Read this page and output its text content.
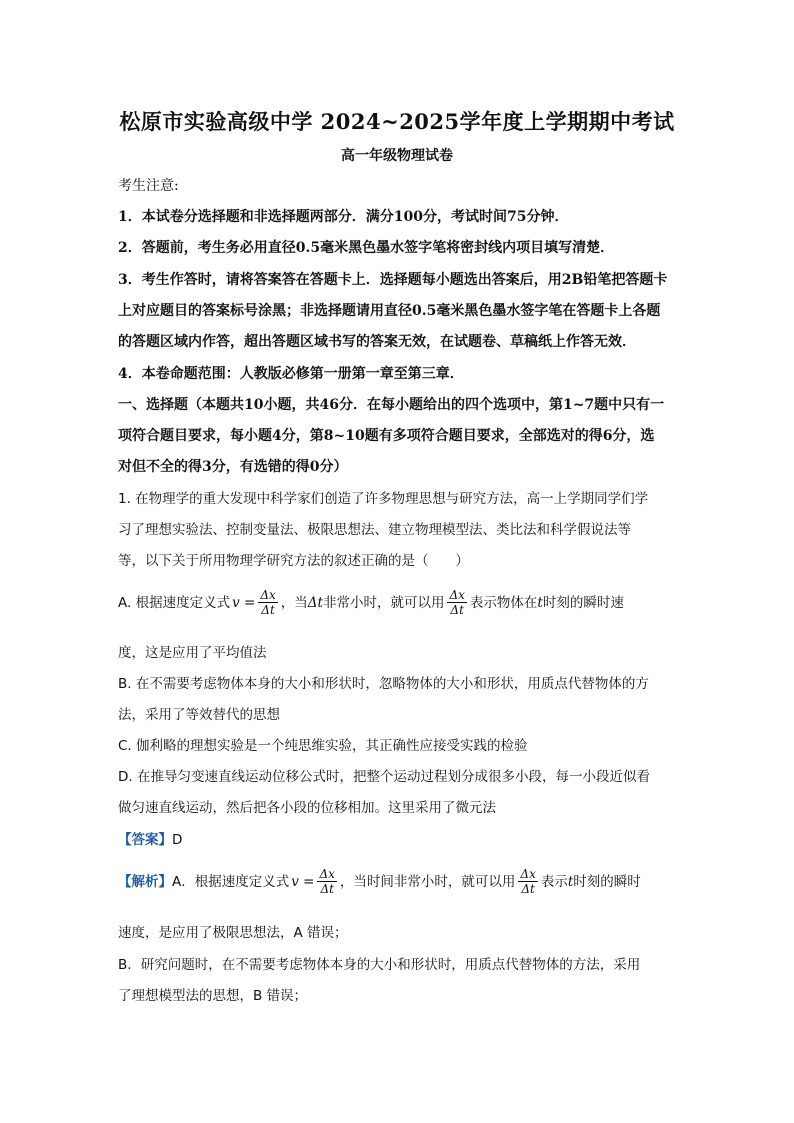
松原市实验高级中学 2024~2025学年度上学期期中考试
高一年级物理试卷
考生注意:
1．本试卷分选择题和非选择题两部分．满分100分，考试时间75分钟．
2．答题前，考生务必用直径0.5毫米黑色墨水签字笔将密封线内项目填写清楚．
3．考生作答时，请将答案答在答题卡上．选择题每小题选出答案后，用2B铅笔把答题卡
上对应题目的答案标号涂黑；非选择题请用直径0.5毫米黑色墨水签字笔在答题卡上各题
的答题区域内作答，超出答题区域书写的答案无效，在试题卷、草稿纸上作答无效．
4．本卷命题范围：人教版必修第一册第一章至第三章．
一、选择题（本题共10小题，共46分．在每小题给出的四个选项中，第1~7题中只有一
项符合题目要求，每小题4分，第8~10题有多项符合题目要求，全部选对的得6分，选
对但不全的得3分，有选错的得0分）
1. 在物理学的重大发现中科学家们创造了许多物理思想与研究方法，高一上学期同学们学
习了理想实验法、控制变量法、极限思想法、建立物理模型法、类比法和科学假说法等
等，以下关于所用物理学研究方法的叙述正确的是（　　）
A. 根据速度定义式 $v = \frac{\Delta x}{\Delta t}$ ，当 Δt 非常小时，就可以用 $\frac{\Delta x}{\Delta t}$ 表示物体在 t 时刻的瞬时速
度，这是应用了平均值法
B. 在不需要考虑物体本身的大小和形状时，忽略物体的大小和形状，用质点代替物体的方
法，采用了等效替代的思想
C. 伽利略的理想实验是一个纯思维实验，其正确性应接受实践的检验
D. 在推导匀变速直线运动位移公式时，把整个运动过程划分成很多小段，每一小段近似看
做匀速直线运动，然后把各小段的位移相加。这里采用了微元法
【答案】D
【解析】 A．根据速度定义式 $v = \frac{\Delta x}{\Delta t}$ ，当时间非常小时，就可以用 $\frac{\Delta x}{\Delta t}$ 表示 t 时刻的瞬时
速度，是应用了极限思想法，A 错误；
B．研究问题时，在不需要考虑物体本身的大小和形状时，用质点代替物体的方法，采用
了理想模型法的思想，B 错误；
